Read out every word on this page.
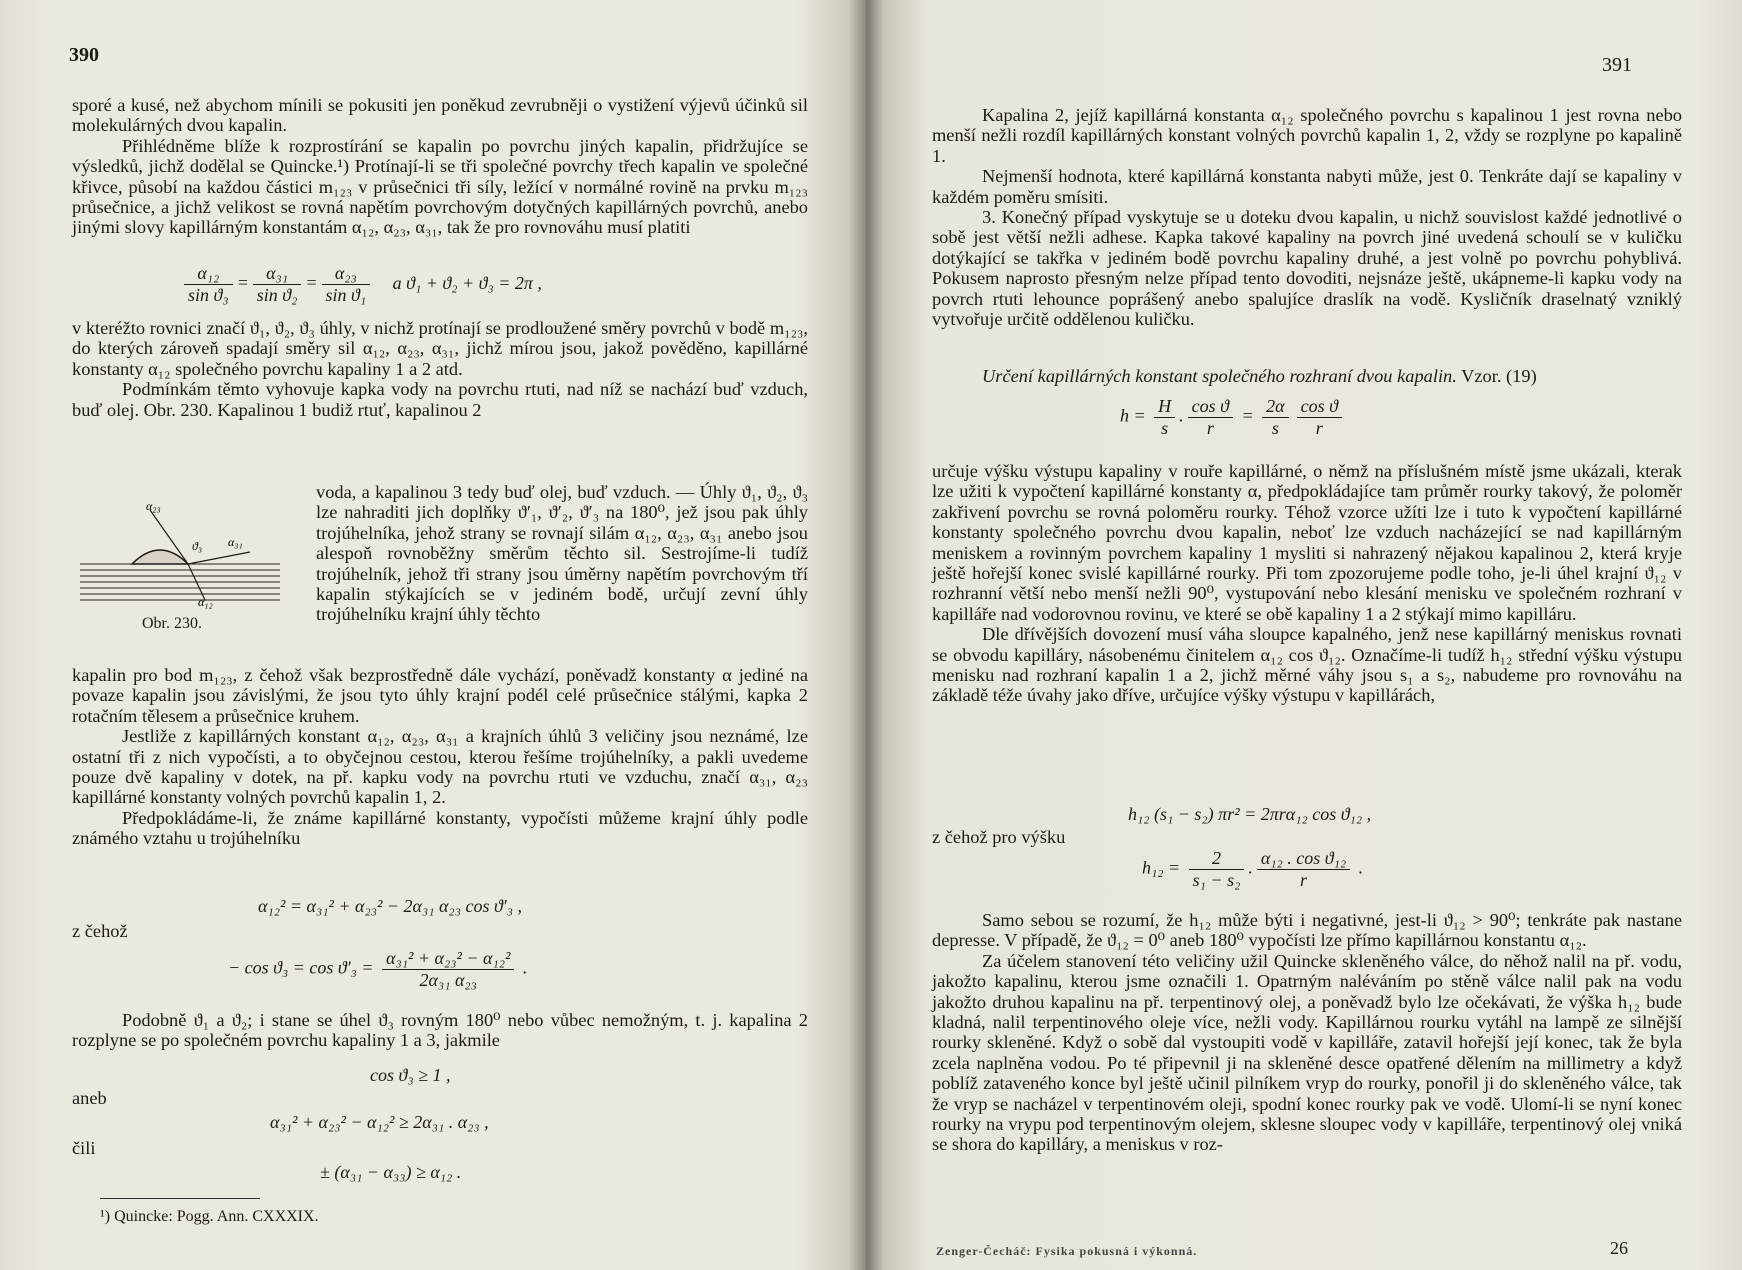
390

sporé a kusé, než abychom mínili se pokusiti jen poněkud zevrubněji o vystižení výjevů účinků sil molekulárných dvou kapalin.

Přihlédněme blíže k rozprostírání se kapalin po povrchu jiných kapalin, přidržujíce se výsledků, jichž dodělal se Quincke.¹) Protínají-li se tři společné povrchy třech kapalin ve společné křivce, působí na každou částici m₁₂₃ v průsečnici tři síly, ležící v normálné rovině na prvku m₁₂₃ průsečnice, a jichž velikost se rovná napětím povrchovým dotyčných kapillárných povrchů, anebo jinými slovy kapillárným konstantám α₁₂, α₂₃, α₃₁, tak že pro rovnováhu musí platiti

$\frac{\text{α₁₂}}{\text{sin ϑ₃}} = \frac{\text{α₃₁}}{\text{sin ϑ₂}} = \frac{\text{α₂₃}}{\text{sin ϑ₁}}$ a ϑ₁ + ϑ₂ + ϑ₃ = 2π ,

v kteréžto rovnici značí ϑ₁, ϑ₂, ϑ₃ úhly, v nichž protínají se prodloužené směry povrchů v bodě m₁₂₃, do kterých zároveň spadají směry sil α₁₂, α₂₃, α₃₁, jichž mírou jsou, jakož pověděno, kapillárné konstanty α₁₂ společného povrchu kapaliny 1 a 2 atd.

Podmínkám těmto vyhovuje kapka vody na povrchu rtuti, nad níž se nachází buď vzduch, buď olej. Obr. 230. Kapalinou 1 budiž rtuť, kapalinou 2

α₂₃
ϑ₃ α₃₁
α₁₂
Obr. 230.
voda, a kapalinou 3 tedy buď olej, buď vzduch. — Úhly ϑ₁, ϑ₂, ϑ₃ lze nahraditi jich doplňky ϑ′₁, ϑ′₂, ϑ′₃ na 180⁰, jež jsou pak úhly trojúhelníka, jehož strany se rovnají silám α₁₂, α₂₃, α₃₁ anebo jsou alespoň rovnoběžny směrům těchto sil. Sestrojíme-li tudíž trojúhelník, jehož tři strany jsou úměrny napětím povrchovým tří kapalin stýkajících se v jediném bodě, určují zevní úhly trojúhelníku krajní úhly těchto

kapalin pro bod m₁₂₃, z čehož však bezprostředně dále vychází, poněvadž konstanty α jediné na povaze kapalin jsou závislými, že jsou tyto úhly krajní podél celé průsečnice stálými, kapka 2 rotačním tělesem a průsečnice kruhem.

Jestliže z kapillárných konstant α₁₂, α₂₃, α₃₁ a krajních úhlů 3 veličiny jsou neznámé, lze ostatní tři z nich vypočísti, a to obyčejnou cestou, kterou řešíme trojúhelníky, a pakli uvedeme pouze dvě kapaliny v dotek, na př. kapku vody na povrchu rtuti ve vzduchu, značí α₃₁, α₂₃ kapillárné konstanty volných povrchů kapalin 1, 2.

Předpokládáme-li, že známe kapillárné konstanty, vypočísti můžeme krajní úhly podle známého vztahu u trojúhelníku

α₁₂² = α₃₁² + α₂₃² − 2α₃₁ α₂₃ cos ϑ′₃ ,
z čehož
− $\cos ϑ_3 = \cos ϑ'_3 = \frac{\text{α₃₁² + α₂₃² − α₁₂²}}{\text{2α₃₁ α₂₃}}$ .

Podobně ϑ₁ a ϑ₂; i stane se úhel ϑ₃ rovným 180⁰ nebo vůbec nemožným, t. j. kapalina 2 rozplyne se po společném povrchu kapaliny 1 a 3, jakmile

cos ϑ₃ ≥ 1 ,
aneb
α₃₁² + α₂₃² − α₁₂² ≥ 2α₃₁ . α₂₃ ,
čili
± (α₃₁ − α₃₃) ≥ α₁₂ .
¹) Quincke: Pogg. Ann. CXXXIX.
391

Kapalina 2, jejíž kapillárná konstanta α₁₂ společného povrchu s kapalinou 1 jest rovna nebo menší nežli rozdíl kapillárných konstant volných povrchů kapalin 1, 2, vždy se rozplyne po kapalině 1.

Nejmenší hodnota, které kapillárná konstanta nabyti může, jest 0. Tenkráte dají se kapaliny v každém poměru smísiti.

3. Konečný případ vyskytuje se u doteku dvou kapalin, u nichž souvislost každé jednotlivé o sobě jest větší nežli adhese. Kapka takové kapaliny na povrch jiné uvedená schoulí se v kuličku dotýkající se takřka v jediném bodě povrchu kapaliny druhé, a jest volně po povrchu pohyblivá. Pokusem naprosto přesným nelze případ tento dovoditi, nejsnáze ještě, ukápneme-li kapku vody na povrch rtuti lehounce poprášený anebo spalujíce draslík na vodě. Kysličník draselnatý vzniklý vytvořuje určitě oddělenou kuličku.

Určení kapillárných konstant společného rozhraní dvou kapalin. Vzor. (19)
$h = \frac{H}{s}$ . $\frac{\text{cos ϑ}}{r} = \frac{2\alpha}{s} \frac{\text{cos ϑ}}{r}$

určuje výšku výstupu kapaliny v rouře kapillárné, o němž na příslušném místě jsme ukázali, kterak lze užiti k vypočtení kapillárné konstanty α, předpokládajíce tam průměr rourky takový, že poloměr zakřivení povrchu se rovná poloměru rourky. Téhož vzorce užíti lze i tuto k vypočtení kapillárné konstanty společného povrchu dvou kapalin, neboť lze vzduch nacházející se nad kapillárným meniskem a rovinným povrchem kapaliny 1 mysliti si nahrazený nějakou kapalinou 2, která kryje ještě hořejší konec svislé kapillárné rourky. Při tom zpozorujeme podle toho, je-li úhel krajní ϑ₁₂ v rozhranní větší nebo menší nežli 90⁰, vystupování nebo klesání menisku ve společném rozhraní v kapilláře nad vodorovnou rovinu, ve které se obě kapaliny 1 a 2 stýkají mimo kapilláru.

Dle dřívějších dovození musí váha sloupce kapalného, jenž nese kapillárný meniskus rovnati se obvodu kapilláry, násobenému činitelem α₁₂ cos ϑ₁₂. Označíme-li tudíž h₁₂ střední výšku výstupu menisku nad rozhraní kapalin 1 a 2, jichž měrné váhy jsou s₁ a s₂, nabudeme pro rovnováhu na základě téže úvahy jako dříve, určujíce výšky výstupu v kapillárách,

h₁₂ (s₁ − s₂) πr² = 2πrα₁₂ cos ϑ₁₂ ,
z čehož pro výšku
$h_{12} = \frac{2}{\text{s₁ − s₂}}$ . $\frac{\text{α₁₂ . cos ϑ₁₂}}{r}$ .

Samo sebou se rozumí, že h₁₂ může býti i negativné, jest-li ϑ₁₂ > 90⁰; tenkráte pak nastane depresse. V případě, že ϑ₁₂ = 0⁰ aneb 180⁰ vypočísti lze přímo kapillárnou konstantu α₁₂.

Za účelem stanovení této veličiny užil Quincke skleněného válce, do něhož nalil na př. vodu, jakožto kapalinu, kterou jsme označili 1. Opatrným naléváním po stěně válce nalil pak na vodu jakožto druhou kapalinu na př. terpentinový olej, a poněvadž bylo lze očekávati, že výška h₁₂ bude kladná, nalil terpentinového oleje více, nežli vody. Kapillárnou rourku vytáhl na lampě ze silnější rourky skleněné. Když o sobě dal vystoupiti vodě v kapilláře, zatavil hořejší její konec, tak že byla zcela naplněna vodou. Po té připevnil ji na skleněné desce opatřené dělením na millimetry a když poblíž zataveného konce byl ještě učinil pilníkem vryp do rourky, ponořil ji do skleněného válce, tak že vryp se nacházel v terpentinovém oleji, spodní konec rourky pak ve vodě. Ulomí-li se nyní konec rourky na vrypu pod terpentinovým olejem, sklesne sloupec vody v kapilláře, terpentinový olej vniká se shora do kapilláry, a meniskus v roz-

Zenger-Čecháč: Fysika pokusná i výkonná.	26
